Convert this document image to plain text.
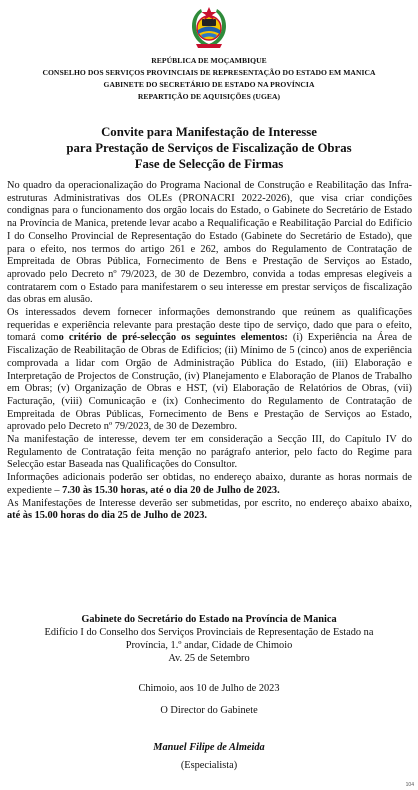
REPÚBLICA DE MOÇAMBIQUE
CONSELHO DOS SERVIÇOS PROVINCIAIS DE REPRESENTAÇÃO DO ESTADO EM MANICA
GABINETE DO SECRETÁRIO DE ESTADO NA PROVÍNCIA
REPARTIÇÃO DE AQUISIÇÕES (UGEA)
Convite para Manifestação de Interesse
para Prestação de Serviços de Fiscalização de Obras
Fase de Selecção de Firmas

No quadro da operacionalização do Programa Nacional de Construção e Reabilitação das Infra-estruturas Administrativas dos OLEs (PRONACRI 2022-2026), que visa criar condições condignas para o funcionamento dos orgão locais do Estado, o Gabinete do Secretário de Estado na Província de Manica, pretende levar acabo a Requalificação e Reabilitação Parcial do Edifício I do Conselho Provincial de Representação do Estado (Gabinete do Secretário de Estado), que para o efeito, nos termos do artigo 261 e 262, ambos do Regulamento de Contratação de Empreitada de Obras Pública, Fornecimento de Bens e Prestação de Serviços ao Estado, aprovado pelo Decreto nº 79/2023, de 30 de Dezembro, convida a todas empresas elegíveis a contratarem com o Estado para manifestarem o seu interesse em prestar serviços de fiscalização das obras em alusão.

Os interessados devem fornecer informações demonstrando que reúnem as qualificações requeridas e experiência relevante para prestação deste tipo de serviço, dado que para o efeito, tomará como critério de pré-selecção os seguintes elementos: (i) Experiência na Área de Fiscalização de Reabilitação de Obras de Edifícios; (ii) Mínimo de 5 (cinco) anos de experiência comprovada a lidar com Orgão de Administração Pública do Estado, (iii) Elaboração e Interpretação de Projectos de Construção, (iv) Planejamento e Elaboração de Planos de Trabalho em Obras; (v) Organização de Obras e HST, (vi) Elaboração de Relatórios de Obras, (vii) Facturação, (viii) Comunicação e (ix) Conhecimento do Regulamento de Contratação de Empreitada de Obras Públicas, Fornecimento de Bens e Prestação de Serviços ao Estado, aprovado pelo Decreto nº 79/2023, de 30 de Dezembro.

Na manifestação de interesse, devem ter em consideração a Secção III, do Capítulo IV do Regulamento de Contratação feita menção no parágrafo anterior, pelo facto do Regime para Selecção estar Baseada nas Qualificações do Consultor.

Informações adicionais poderão ser obtidas, no endereço abaixo, durante as horas normais de expediente – 7.30 às 15.30 horas, até o dia 20 de Julho de 2023.

As Manifestações de Interesse deverão ser submetidas, por escrito, no endereço abaixo abaixo, até às 15.00 horas do dia 25 de Julho de 2023.

Gabinete do Secretário do Estado na Província de Manica
Edifício I do Conselho dos Serviços Provinciais de Representação de Estado na
Província, 1.º andar, Cidade de Chimoio
Av. 25 de Setembro
Chimoio, aos 10 de Julho de 2023
O Director do Gabinete
Manuel Filipe de Almeida
(Especialista)
104
